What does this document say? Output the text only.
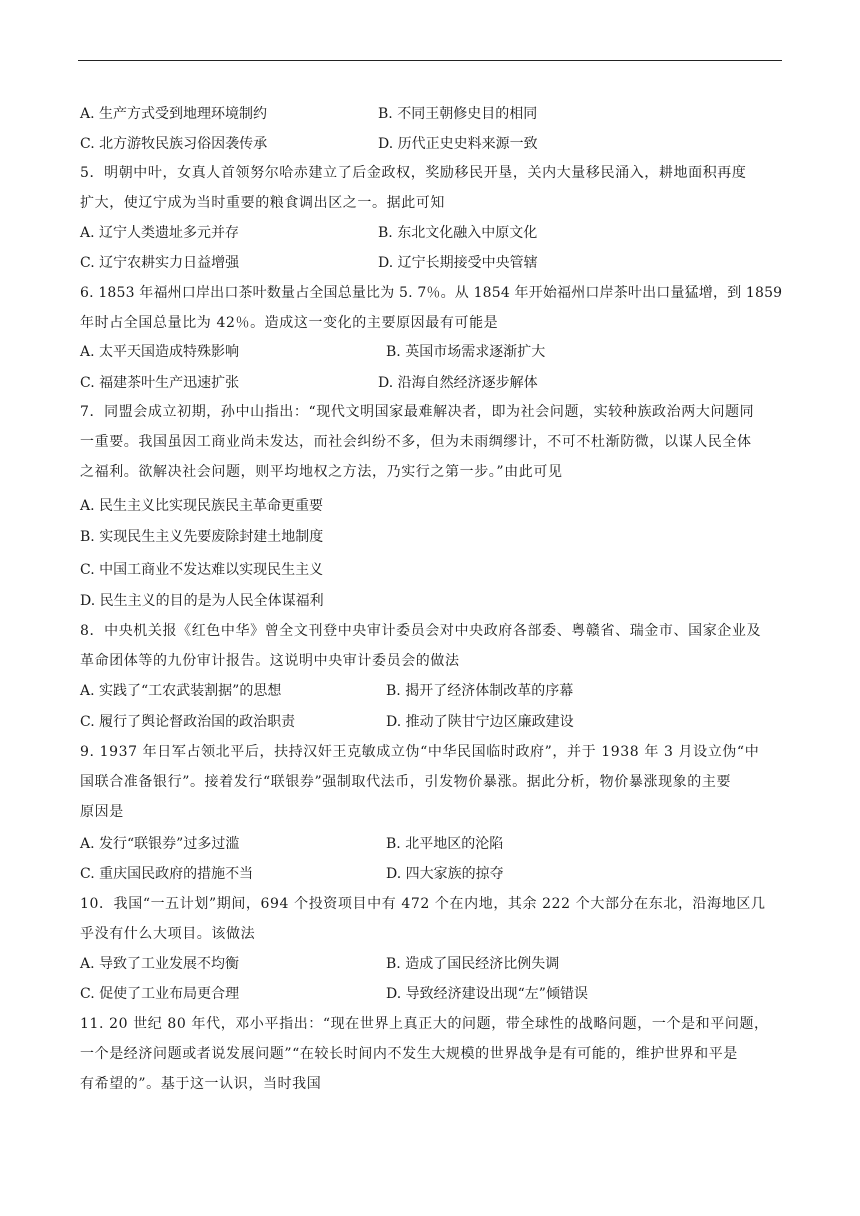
A. 生产方式受到地理环境制约	B. 不同王朝修史目的相同
C. 北方游牧民族习俗因袭传承	D. 历代正史史料来源一致
5．明朝中叶，女真人首领努尔哈赤建立了后金政权，奖励移民开垦，关内大量移民涌入，耕地面积再度
扩大，使辽宁成为当时重要的粮食调出区之一。据此可知
A. 辽宁人类遗址多元并存	B. 东北文化融入中原文化
C. 辽宁农耕实力日益增强	D. 辽宁长期接受中央管辖
6. 1853 年福州口岸出口茶叶数量占全国总量比为 5. 7％。从 1854 年开始福州口岸茶叶出口量猛增，到 1859
年时占全国总量比为 42％。造成这一变化的主要原因最有可能是
A. 太平天国造成特殊影响	B. 英国市场需求逐渐扩大
C. 福建茶叶生产迅速扩张	D. 沿海自然经济逐步解体
7．同盟会成立初期，孙中山指出：“现代文明国家最难解决者，即为社会问题，实较种族政治两大问题同
一重要。我国虽因工商业尚未发达，而社会纠纷不多，但为未雨绸缪计，不可不杜渐防微，以谋人民全体
之福利。欲解决社会问题，则平均地权之方法，乃实行之第一步。”由此可见
A. 民生主义比实现民族民主革命更重要
B. 实现民生主义先要废除封建土地制度
C. 中国工商业不发达难以实现民生主义
D. 民生主义的目的是为人民全体谋福利
8．中央机关报《红色中华》曾全文刊登中央审计委员会对中央政府各部委、粤赣省、瑞金市、国家企业及
革命团体等的九份审计报告。这说明中央审计委员会的做法
A. 实践了“工农武装割据”的思想	B. 揭开了经济体制改革的序幕
C. 履行了舆论督政治国的政治职责	D. 推动了陕甘宁边区廉政建设
9. 1937 年日军占领北平后，扶持汉奸王克敏成立伪“中华民国临时政府”，并于 1938 年 3 月设立伪“中
国联合准备银行”。接着发行“联银券”强制取代法币，引发物价暴涨。据此分析，物价暴涨现象的主要
原因是
A. 发行“联银券”过多过滥	B. 北平地区的沦陷
C. 重庆国民政府的措施不当	D. 四大家族的掠夺
10．我国“一五计划”期间，694 个投资项目中有 472 个在内地，其余 222 个大部分在东北，沿海地区几
乎没有什么大项目。该做法
A. 导致了工业发展不均衡	B. 造成了国民经济比例失调
C. 促使了工业布局更合理	D. 导致经济建设出现“左”倾错误
11. 20 世纪 80 年代，邓小平指出：“现在世界上真正大的问题，带全球性的战略问题，一个是和平问题，
一个是经济问题或者说发展问题”“在较长时间内不发生大规模的世界战争是有可能的，维护世界和平是
有希望的”。基于这一认识，当时我国
